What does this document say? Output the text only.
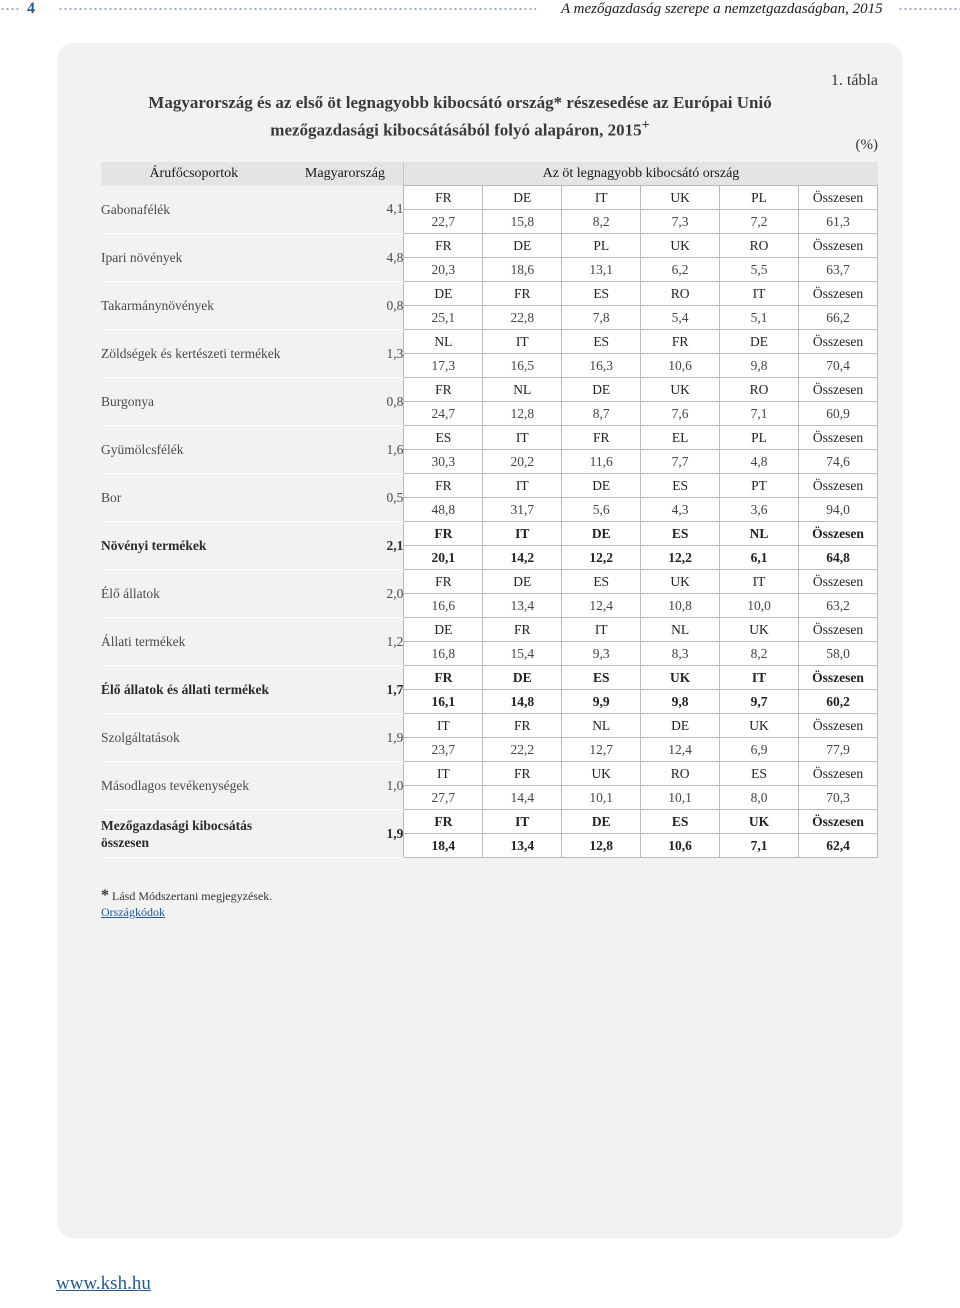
4	A mezőgazdaság szerepe a nemzetgazdaságban, 2015
1. tábla
Magyarország és az első öt legnagyobb kibocsátó ország* részesedése az Európai Unió
mezőgazdasági kibocsátásából folyó alapáron, 2015+
(%)
Árufőcsoportok	Magyarország	Az öt legnagyobb kibocsátó ország					
Gabonafélék	4,1	FR	DE	IT	UK	PL	Összesen
		22,7	15,8	8,2	7,3	7,2	61,3
Ipari növények	4,8	FR	DE	PL	UK	RO	Összesen
		20,3	18,6	13,1	6,2	5,5	63,7
Takarmánynövények	0,8	DE	FR	ES	RO	IT	Összesen
		25,1	22,8	7,8	5,4	5,1	66,2
Zöldségek és kertészeti termékek	1,3	NL	IT	ES	FR	DE	Összesen
		17,3	16,5	16,3	10,6	9,8	70,4
Burgonya	0,8	FR	NL	DE	UK	RO	Összesen
		24,7	12,8	8,7	7,6	7,1	60,9
Gyümölcsfélék	1,6	ES	IT	FR	EL	PL	Összesen
		30,3	20,2	11,6	7,7	4,8	74,6
Bor	0,5	FR	IT	DE	ES	PT	Összesen
		48,8	31,7	5,6	4,3	3,6	94,0
Növényi termékek	2,1	FR	IT	DE	ES	NL	Összesen
		20,1	14,2	12,2	12,2	6,1	64,8
Élő állatok	2,0	FR	DE	ES	UK	IT	Összesen
		16,6	13,4	12,4	10,8	10,0	63,2
Állati termékek	1,2	DE	FR	IT	NL	UK	Összesen
		16,8	15,4	9,3	8,3	8,2	58,0
Élő állatok és állati termékek	1,7	FR	DE	ES	UK	IT	Összesen
		16,1	14,8	9,9	9,8	9,7	60,2
Szolgáltatások	1,9	IT	FR	NL	DE	UK	Összesen
		23,7	22,2	12,7	12,4	6,9	77,9
Másodlagos tevékenységek	1,0	IT	FR	UK	RO	ES	Összesen
		27,7	14,4	10,1	10,1	8,0	70,3
Mezőgazdasági kibocsátás összesen	1,9	FR	IT	DE	ES	UK	Összesen
		18,4	13,4	12,8	10,6	7,1	62,4
* Lásd Módszertani megjegyzések.
Országkódok
www.ksh.hu
